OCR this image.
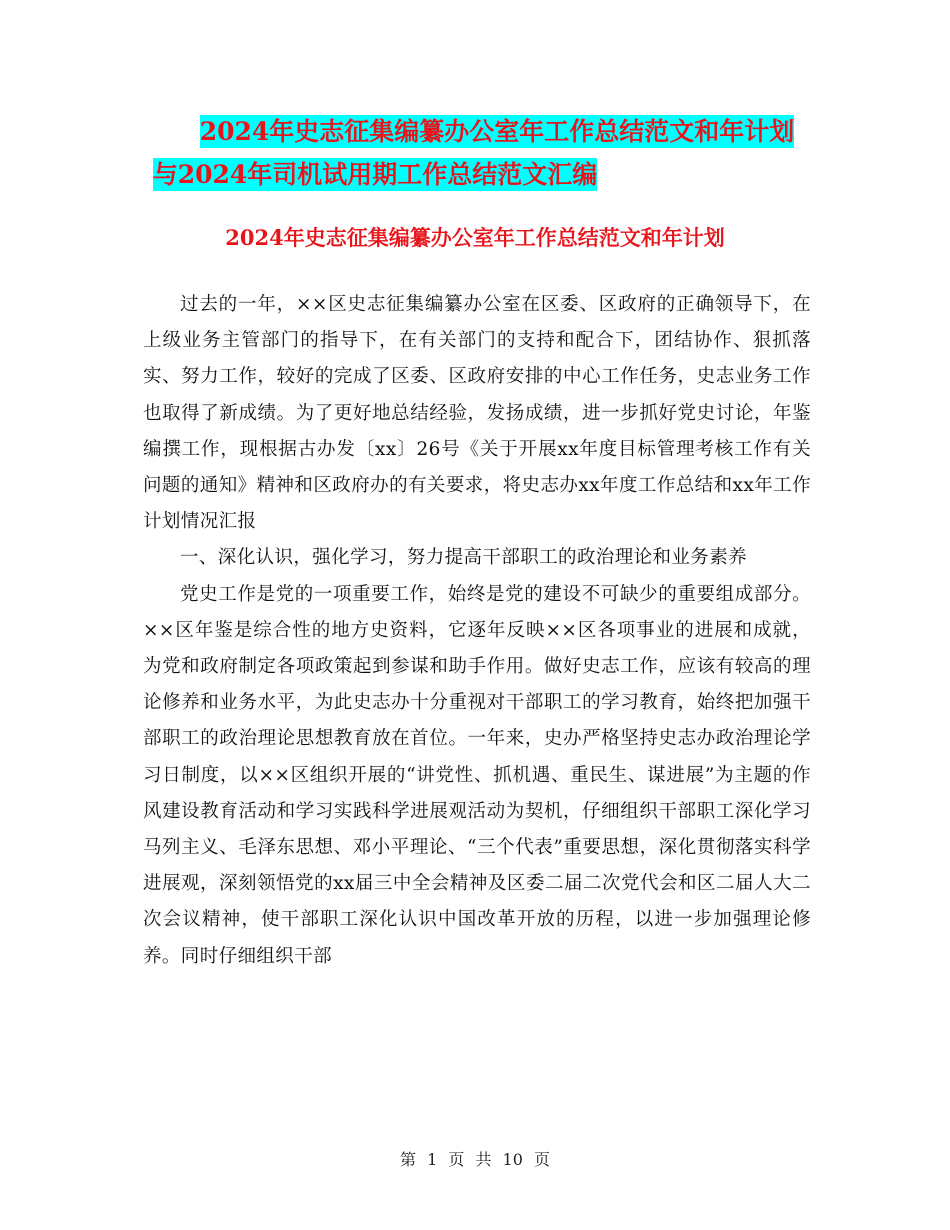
2024年史志征集编纂办公室年工作总结范文和年计划
与2024年司机试用期工作总结范文汇编
2024年史志征集编纂办公室年工作总结范文和年计划

过去的一年，××区史志征集编纂办公室在区委、区政府的正确领导下，在上级业务主管部门的指导下，在有关部门的支持和配合下，团结协作、狠抓落实、努力工作，较好的完成了区委、区政府安排的中心工作任务，史志业务工作也取得了新成绩。为了更好地总结经验，发扬成绩，进一步抓好党史讨论，年鉴编撰工作，现根据古办发〔xx〕26号《关于开展xx年度目标管理考核工作有关问题的通知》精神和区政府办的有关要求，将史志办xx年度工作总结和xx年工作计划情况汇报

一、深化认识，强化学习，努力提高干部职工的政治理论和业务素养

党史工作是党的一项重要工作，始终是党的建设不可缺少的重要组成部分。××区年鉴是综合性的地方史资料，它逐年反映××区各项事业的进展和成就，为党和政府制定各项政策起到参谋和助手作用。做好史志工作，应该有较高的理论修养和业务水平，为此史志办十分重视对干部职工的学习教育，始终把加强干部职工的政治理论思想教育放在首位。一年来，史办严格坚持史志办政治理论学习日制度，以××区组织开展的“讲党性、抓机遇、重民生、谋进展”为主题的作风建设教育活动和学习实践科学进展观活动为契机，仔细组织干部职工深化学习马列主义、毛泽东思想、邓小平理论、“三个代表”重要思想，深化贯彻落实科学进展观，深刻领悟党的xx届三中全会精神及区委二届二次党代会和区二届人大二次会议精神，使干部职工深化认识中国改革开放的历程，以进一步加强理论修养。同时仔细组织干部

第 1 页 共 10 页
